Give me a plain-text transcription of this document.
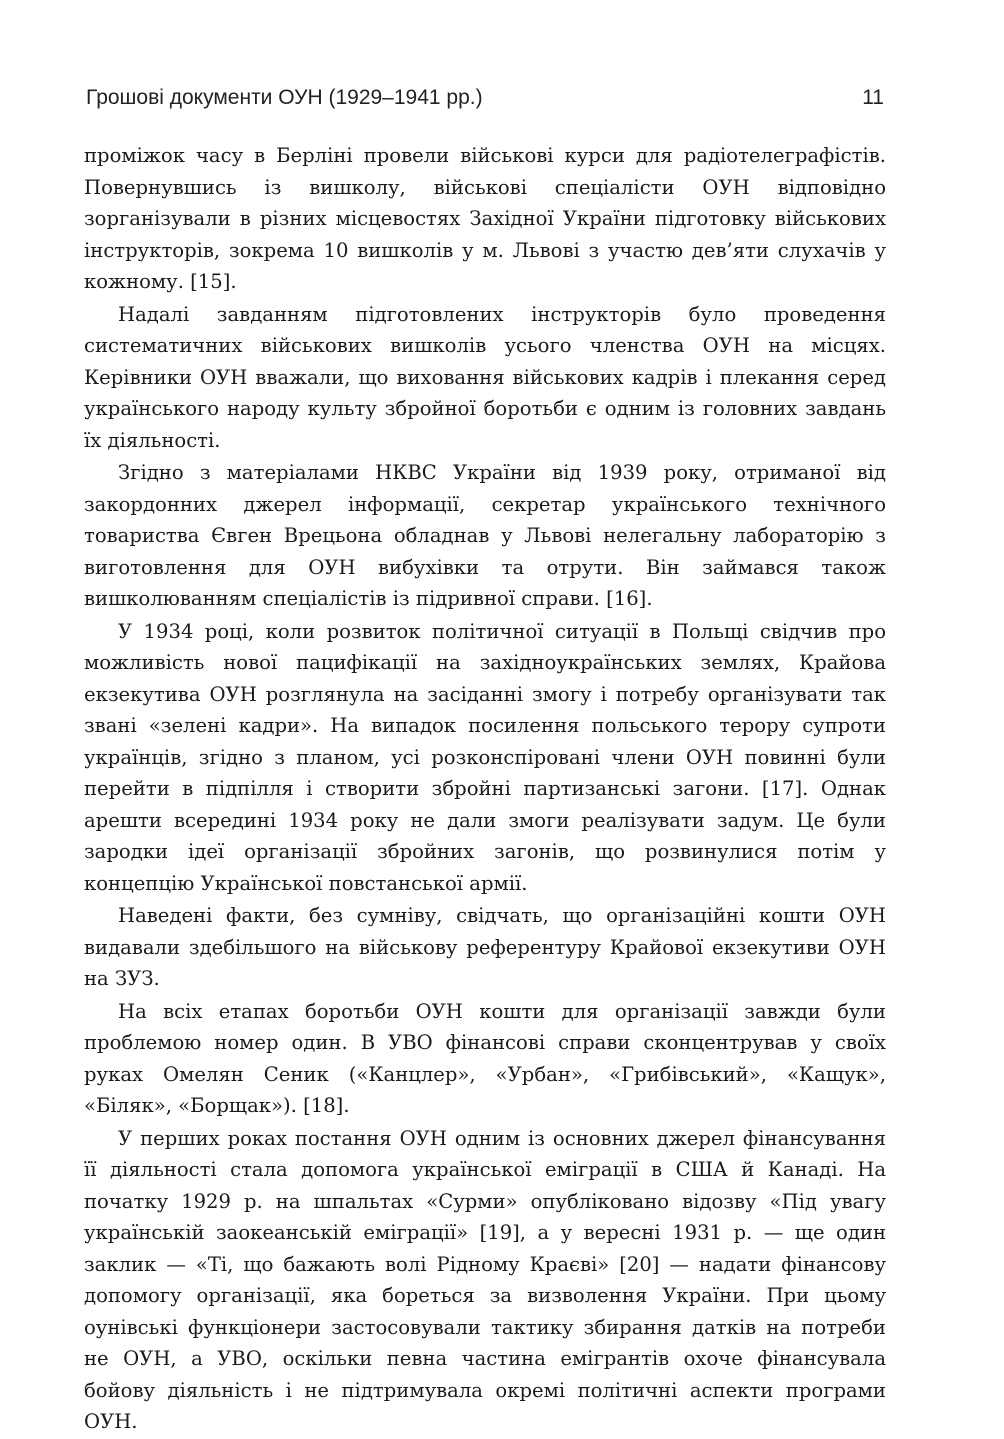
Грошові документи ОУН (1929–1941 рр.)	11

проміжок часу в Берліні провели військові курси для радіотелеграфістів. Повернувшись із вишколу, військові спеціалісти ОУН відповідно зорганізували в різних місцевостях Західної України підготовку військових інструкторів, зокрема 10 вишколів у м. Львові з участю дев’яти слухачів у кожному. [15].

Надалі завданням підготовлених інструкторів було проведення систематичних військових вишколів усього членства ОУН на місцях. Керівники ОУН вважали, що виховання військових кадрів і плекання серед українського народу культу збройної боротьби є одним із головних завдань їх діяльності.

Згідно з матеріалами НКВС України від 1939 року, отриманої від закордонних джерел інформації, секретар українського технічного товариства Євген Врецьона обладнав у Львові нелегальну лабораторію з виготовлення для ОУН вибухівки та отрути. Він займався також вишколюванням спеціалістів із підривної справи. [16].

У 1934 році, коли розвиток політичної ситуації в Польщі свідчив про можливість нової пацифікації на західноукраїнських землях, Крайова екзекутива ОУН розглянула на засіданні змогу і потребу організувати так звані «зелені кадри». На випадок посилення польського терору супроти українців, згідно з планом, усі розконспіровані члени ОУН повинні були перейти в підпілля і створити збройні партизанські загони. [17]. Однак арешти всередині 1934 року не дали змоги реалізувати задум. Це були зародки ідеї організації збройних загонів, що розвинулися потім у концепцію Української повстанської армії.

Наведені факти, без сумніву, свідчать, що організаційні кошти ОУН видавали здебільшого на військову референтуру Крайової екзекутиви ОУН на ЗУЗ.

На всіх етапах боротьби ОУН кошти для організації завжди були проблемою номер один. В УВО фінансові справи сконцентрував у своїх руках Омелян Сеник («Канцлер», «Урбан», «Грибівський», «Кащук», «Біляк», «Борщак»). [18].

У перших роках постання ОУН одним із основних джерел фінансування її діяльності стала допомога української еміграції в США й Канаді. На початку 1929 р. на шпальтах «Сурми» опубліковано відозву «Під увагу українській заокеанській еміграції» [19], а у вересні 1931 р. — ще один заклик — «Ті, що бажають волі Рідному Краєві» [20] — надати фінансову допомогу організації, яка бореться за визволення України. При цьому оунівські функціонери застосовували тактику збирання датків на потреби не ОУН, а УВО, оскільки певна частина емігрантів охоче фінансувала бойову діяльність і не підтримувала окремі політичні аспекти програми ОУН.
